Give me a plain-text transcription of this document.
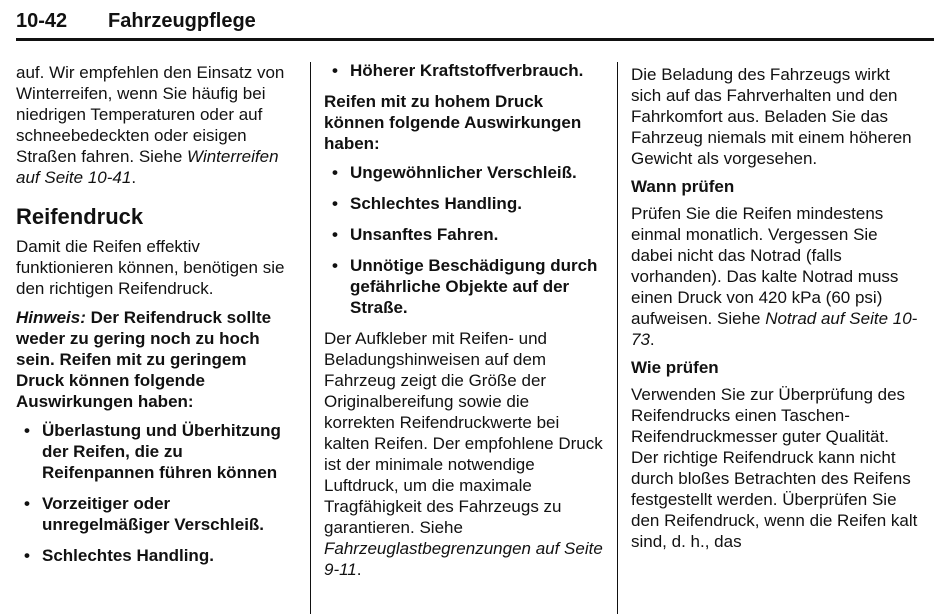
10-42 Fahrzeugpflege

auf. Wir empfehlen den Einsatz von Winterreifen, wenn Sie häufig bei niedrigen Temperaturen oder auf schneebedeckten oder eisigen Straßen fahren. Siehe Winterreifen auf Seite 10-41.

Reifendruck

Damit die Reifen effektiv funktionieren können, benötigen sie den richtigen Reifendruck.

Hinweis: Der Reifendruck sollte weder zu gering noch zu hoch sein. Reifen mit zu geringem Druck können folgende Auswirkungen haben:

• Überlastung und Überhitzung der Reifen, die zu Reifenpannen führen können
• Vorzeitiger oder unregelmäßiger Verschleiß.
• Schlechtes Handling.
• Höherer Kraftstoffverbrauch.

Reifen mit zu hohem Druck können folgende Auswirkungen haben:

• Ungewöhnlicher Verschleiß.
• Schlechtes Handling.
• Unsanftes Fahren.
• Unnötige Beschädigung durch gefährliche Objekte auf der Straße.

Der Aufkleber mit Reifen- und Beladungshinweisen auf dem Fahrzeug zeigt die Größe der Originalbereifung sowie die korrekten Reifendruckwerte bei kalten Reifen. Der empfohlene Druck ist der minimale notwendige Luftdruck, um die maximale Tragfähigkeit des Fahrzeugs zu garantieren. Siehe Fahrzeuglastbegrenzungen auf Seite 9-11.

Die Beladung des Fahrzeugs wirkt sich auf das Fahrverhalten und den Fahrkomfort aus. Beladen Sie das Fahrzeug niemals mit einem höheren Gewicht als vorgesehen.

Wann prüfen

Prüfen Sie die Reifen mindestens einmal monatlich. Vergessen Sie dabei nicht das Notrad (falls vorhanden). Das kalte Notrad muss einen Druck von 420 kPa (60 psi) aufweisen. Siehe Notrad auf Seite 10-73.

Wie prüfen

Verwenden Sie zur Überprüfung des Reifendrucks einen Taschen-Reifendruckmesser guter Qualität. Der richtige Reifendruck kann nicht durch bloßes Betrachten des Reifens festgestellt werden. Überprüfen Sie den Reifendruck, wenn die Reifen kalt sind, d. h., das
